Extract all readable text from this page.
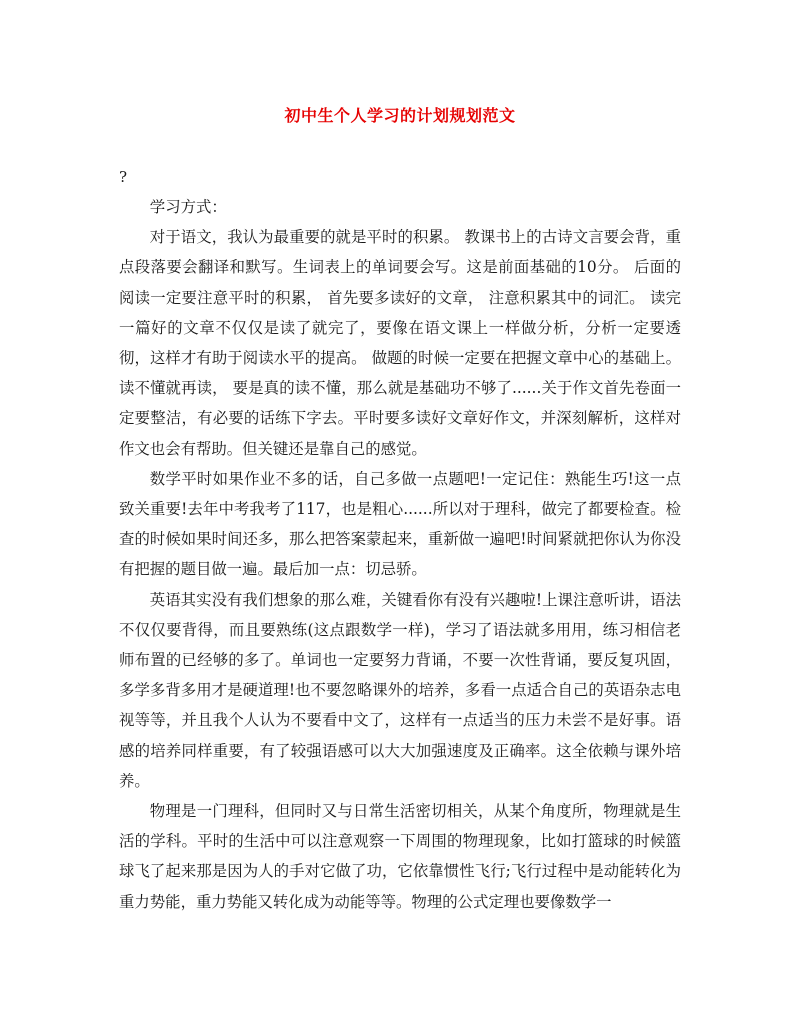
初中生个人学习的计划规划范文
?

学习方式：

对于语文，我认为最重要的就是平时的积累。 教课书上的古诗文言要会背，重点段落要会翻译和默写。生词表上的单词要会写。这是前面基础的10分。 后面的阅读一定要注意平时的积累， 首先要多读好的文章， 注意积累其中的词汇。 读完一篇好的文章不仅仅是读了就完了，要像在语文课上一样做分析，分析一定要透彻，这样才有助于阅读水平的提高。 做题的时候一定要在把握文章中心的基础上。 读不懂就再读， 要是真的读不懂，那么就是基础功不够了......关于作文首先卷面一定要整洁，有必要的话练下字去。平时要多读好文章好作文，并深刻解析，这样对作文也会有帮助。但关键还是靠自己的感觉。

数学平时如果作业不多的话，自己多做一点题吧!一定记住：熟能生巧!这一点致关重要!去年中考我考了117，也是粗心......所以对于理科，做完了都要检查。检查的时候如果时间还多，那么把答案蒙起来，重新做一遍吧!时间紧就把你认为你没有把握的题目做一遍。最后加一点：切忌骄。

英语其实没有我们想象的那么难，关键看你有没有兴趣啦!上课注意听讲，语法不仅仅要背得，而且要熟练(这点跟数学一样)，学习了语法就多用用，练习相信老师布置的已经够的多了。单词也一定要努力背诵，不要一次性背诵，要反复巩固，多学多背多用才是硬道理!也不要忽略课外的培养，多看一点适合自己的英语杂志电视等等，并且我个人认为不要看中文了，这样有一点适当的压力未尝不是好事。语感的培养同样重要，有了较强语感可以大大加强速度及正确率。这全依赖与课外培养。

物理是一门理科，但同时又与日常生活密切相关，从某个角度所，物理就是生活的学科。平时的生活中可以注意观察一下周围的物理现象，比如打篮球的时候篮球飞了起来那是因为人的手对它做了功，它依靠惯性飞行;飞行过程中是动能转化为重力势能，重力势能又转化成为动能等等。物理的公式定理也要像数学一
